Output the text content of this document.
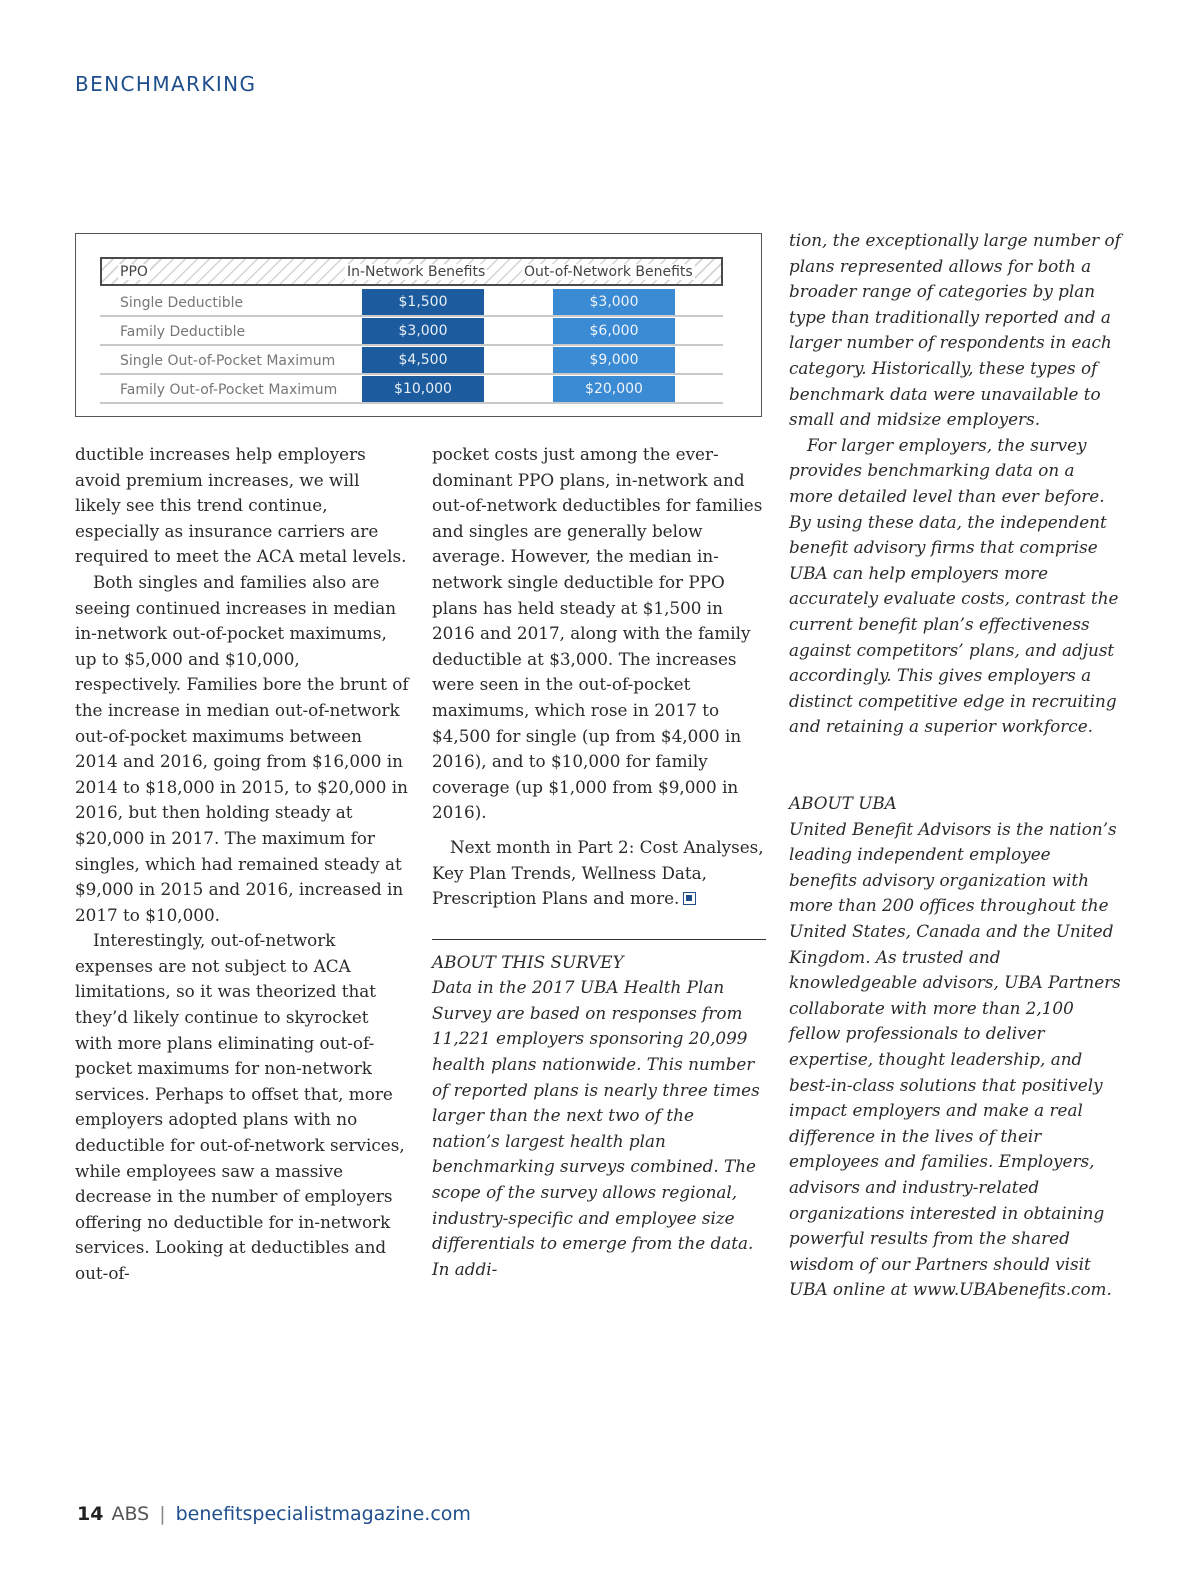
BENCHMARKING
PPO	In-Network Benefits	Out-of-Network Benefits
Single Deductible	$1,500	$3,000
Family Deductible	$3,000	$6,000
Single Out-of-Pocket Maximum	$4,500	$9,000
Family Out-of-Pocket Maximum	$10,000	$20,000

ductible increases help employers avoid premium increases, we will likely see this trend continue, especially as insurance carriers are required to meet the ACA metal levels.

Both singles and families also are seeing continued increases in median in-network out-of-pocket maximums, up to $5,000 and $10,000, respectively. Families bore the brunt of the increase in median out-of-network out-of-pocket maximums between 2014 and 2016, going from $16,000 in 2014 to $18,000 in 2015, to $20,000 in 2016, but then holding steady at $20,000 in 2017. The maximum for singles, which had remained steady at $9,000 in 2015 and 2016, increased in 2017 to $10,000.

Interestingly, out-of-network expenses are not subject to ACA limitations, so it was theorized that they’d likely continue to skyrocket with more plans eliminating out-of-pocket maximums for non-network services. Perhaps to offset that, more employers adopted plans with no deductible for out-of-network services, while employees saw a massive decrease in the number of employers offering no deductible for in-network services. Looking at deductibles and out-of-

pocket costs just among the ever-dominant PPO plans, in-network and out-of-network deductibles for families and singles are generally below average. However, the median in-network single deductible for PPO plans has held steady at $1,500 in 2016 and 2017, along with the family deductible at $3,000. The increases were seen in the out-of-pocket maximums, which rose in 2017 to $4,500 for single (up from $4,000 in 2016), and to $10,000 for family coverage (up $1,000 from $9,000 in 2016).

Next month in Part 2: Cost Analyses, Key Plan Trends, Wellness Data, Prescription Plans and more.

ABOUT THIS SURVEY

Data in the 2017 UBA Health Plan Survey are based on responses from 11,221 employers sponsoring 20,099 health plans nationwide. This number of reported plans is nearly three times larger than the next two of the nation’s largest health plan benchmarking surveys combined. The scope of the survey allows regional, industry-specific and employee size differentials to emerge from the data. In addi-

tion, the exceptionally large number of plans represented allows for both a broader range of categories by plan type than traditionally reported and a larger number of respondents in each category. Historically, these types of benchmark data were unavailable to small and midsize employers.

For larger employers, the survey provides benchmarking data on a more detailed level than ever before. By using these data, the independent benefit advisory firms that comprise UBA can help employers more accurately evaluate costs, contrast the current benefit plan’s effectiveness against competitors’ plans, and adjust accordingly. This gives employers a distinct competitive edge in recruiting and retaining a superior workforce.

ABOUT UBA

United Benefit Advisors is the nation’s leading independent employee benefits advisory organization with more than 200 offices throughout the United States, Canada and the United Kingdom. As trusted and knowledgeable advisors, UBA Partners collaborate with more than 2,100 fellow professionals to deliver expertise, thought leadership, and best-in-class solutions that positively impact employers and make a real difference in the lives of their employees and families. Employers, advisors and industry-related organizations interested in obtaining powerful results from the shared wisdom of our Partners should visit UBA online at www.UBAbenefits.com.

14 ABS | benefitspecialistmagazine.com
